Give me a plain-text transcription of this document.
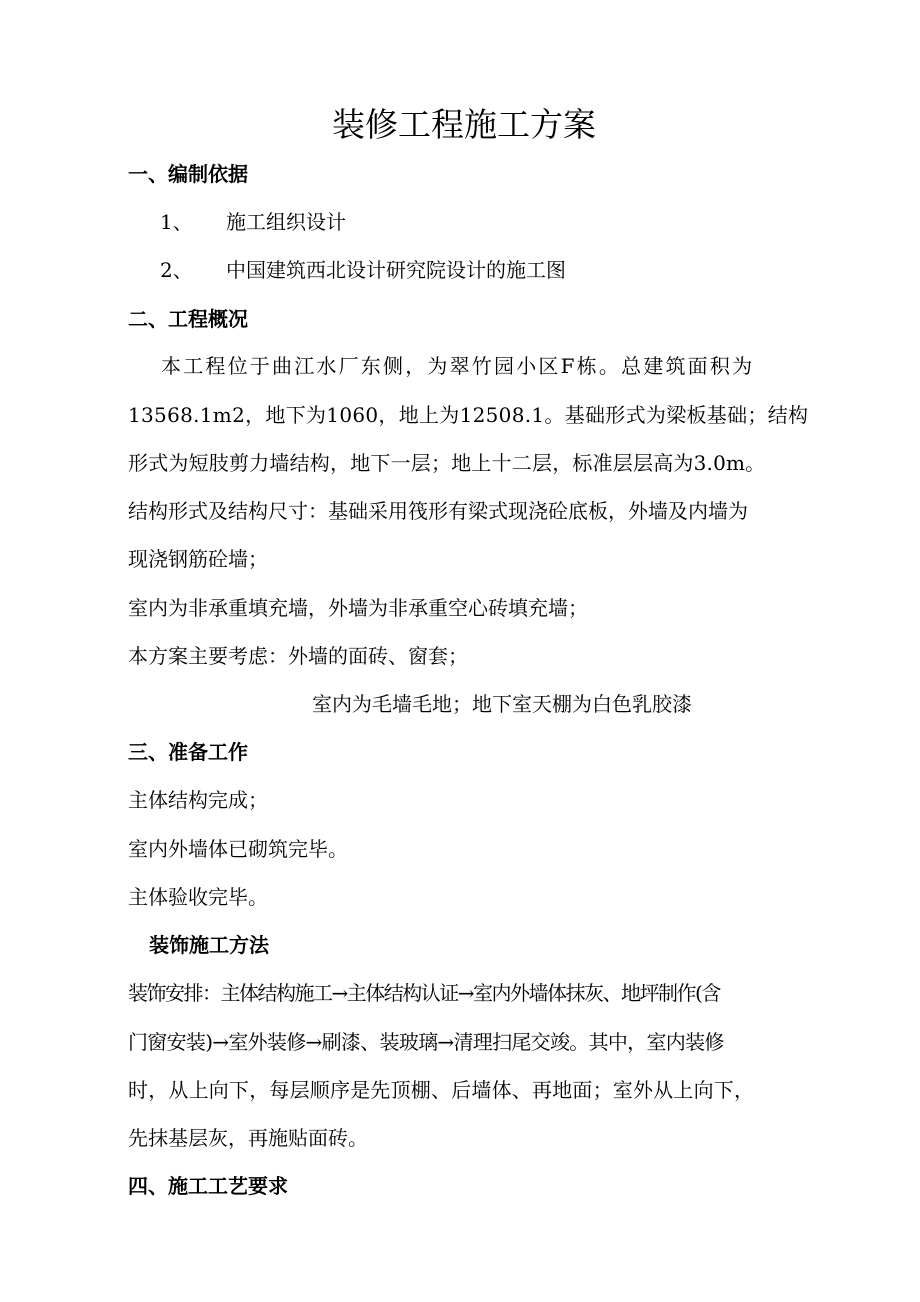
装修工程施工方案
一、编制依据
1、 施工组织设计
2、 中国建筑西北设计研究院设计的施工图
二、工程概况
本工程位于曲江水厂东侧，为翠竹园小区F栋。总建筑面积为
13568.1m2，地下为1060，地上为12508.1。基础形式为梁板基础；结构
形式为短肢剪力墙结构，地下一层；地上十二层，标准层层高为3.0m。
结构形式及结构尺寸：基础采用筏形有梁式现浇砼底板，外墙及内墙为
现浇钢筋砼墙；
室内为非承重填充墙，外墙为非承重空心砖填充墙；
本方案主要考虑：外墙的面砖、窗套；
室内为毛墙毛地；地下室天棚为白色乳胶漆
三、准备工作
主体结构完成；
室内外墙体已砌筑完毕。
主体验收完毕。
装饰施工方法
装饰安排：主体结构施工→主体结构认证→室内外墙体抹灰、地坪制作(含
门窗安装)→室外装修→刷漆、装玻璃→清理扫尾交竣。其中，室内装修
时，从上向下，每层顺序是先顶棚、后墙体、再地面；室外从上向下，
先抹基层灰，再施贴面砖。
四、施工工艺要求
